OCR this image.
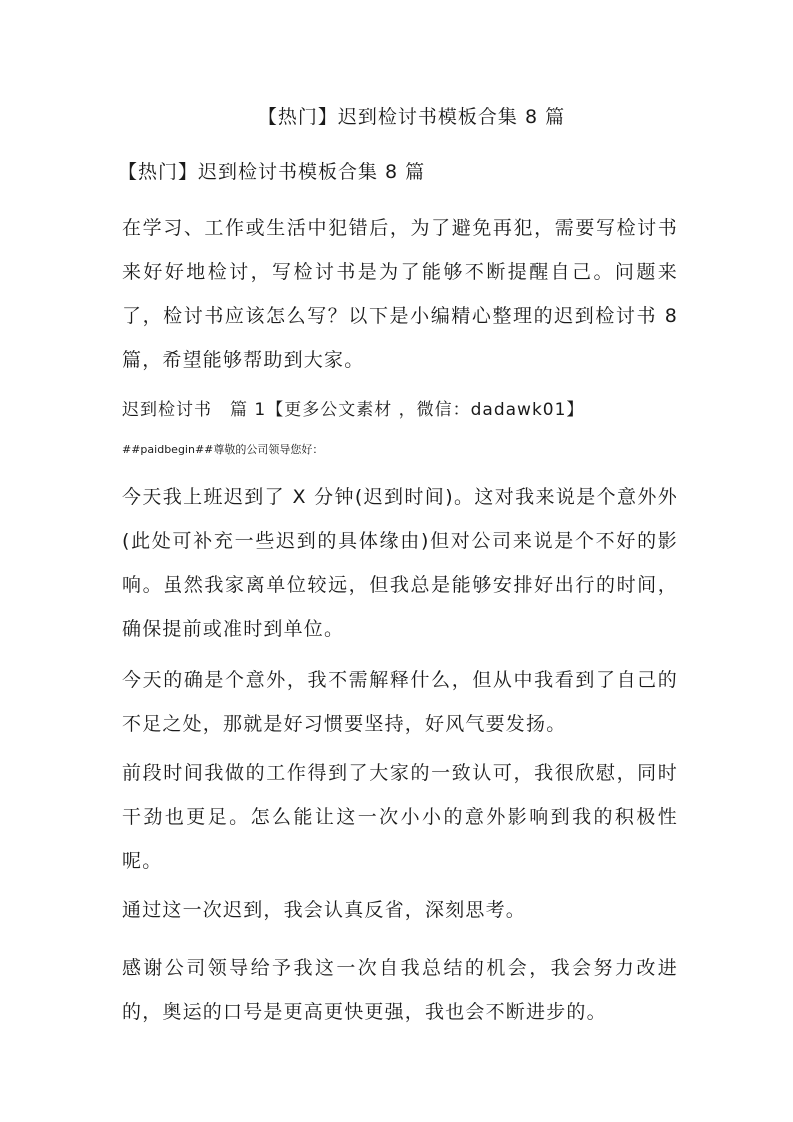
【热门】迟到检讨书模板合集 8 篇

【热门】迟到检讨书模板合集 8 篇

在学习、工作或生活中犯错后，为了避免再犯，需要写检讨书来好好地检讨，写检讨书是为了能够不断提醒自己。问题来了，检讨书应该怎么写？以下是小编精心整理的迟到检讨书 8 篇，希望能够帮助到大家。

迟到检讨书　篇 1【更多公文素材 ，微信：dadawk01】

##paidbegin##尊敬的公司领导您好：

今天我上班迟到了 X 分钟(迟到时间)。这对我来说是个意外外(此处可补充一些迟到的具体缘由)但对公司来说是个不好的影响。虽然我家离单位较远，但我总是能够安排好出行的时间，确保提前或准时到单位。

今天的确是个意外，我不需解释什么，但从中我看到了自己的不足之处，那就是好习惯要坚持，好风气要发扬。

前段时间我做的工作得到了大家的一致认可，我很欣慰，同时干劲也更足。怎么能让这一次小小的意外影响到我的积极性呢。

通过这一次迟到，我会认真反省，深刻思考。

感谢公司领导给予我这一次自我总结的机会，我会努力改进的，奥运的口号是更高更快更强，我也会不断进步的。
